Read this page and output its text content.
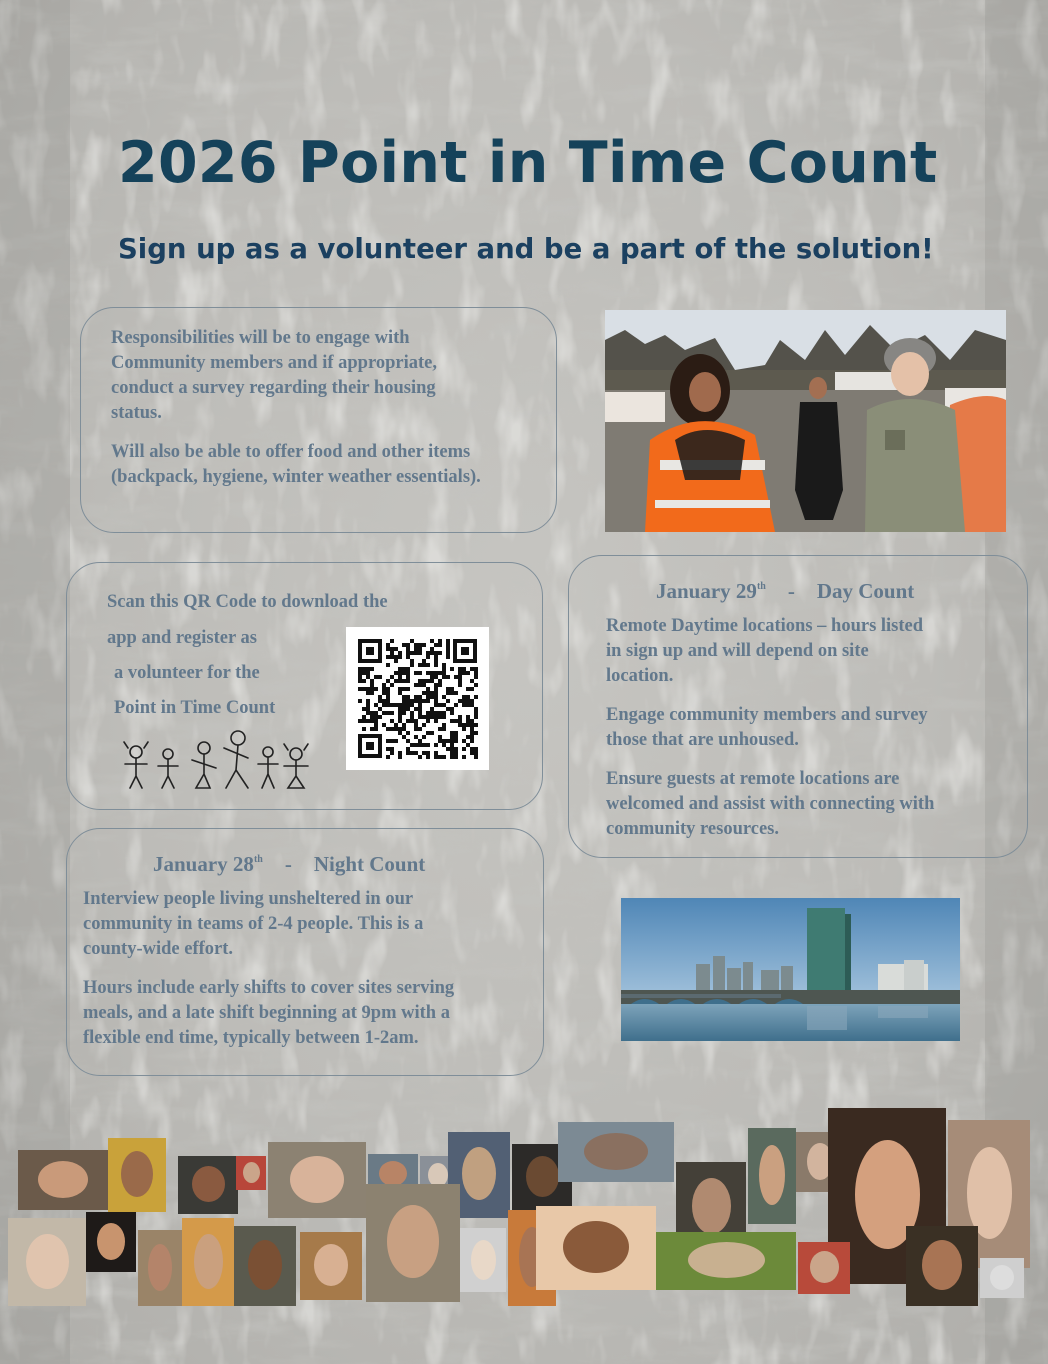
2026 Point in Time Count
Sign up as a volunteer and be a part of the solution!

Responsibilities will be to engage with
Community members and if appropriate,
conduct a survey regarding their housing
status.

Will also be able to offer food and other items
(backpack, hygiene, winter weather essentials).

Scan this QR Code to download the
app and register as
a volunteer for the
Point in Time Count

January 29th - Day Count

Remote Daytime locations – hours listed
in sign up and will depend on site
location.

Engage community members and survey
those that are unhoused.

Ensure guests at remote locations are
welcomed and assist with connecting with
community resources.

January 28th - Night Count

Interview people living unsheltered in our
community in teams of 2-4 people. This is a
county-wide effort.

Hours include early shifts to cover sites serving
meals, and a late shift beginning at 9pm with a
flexible end time, typically between 1-2am.
